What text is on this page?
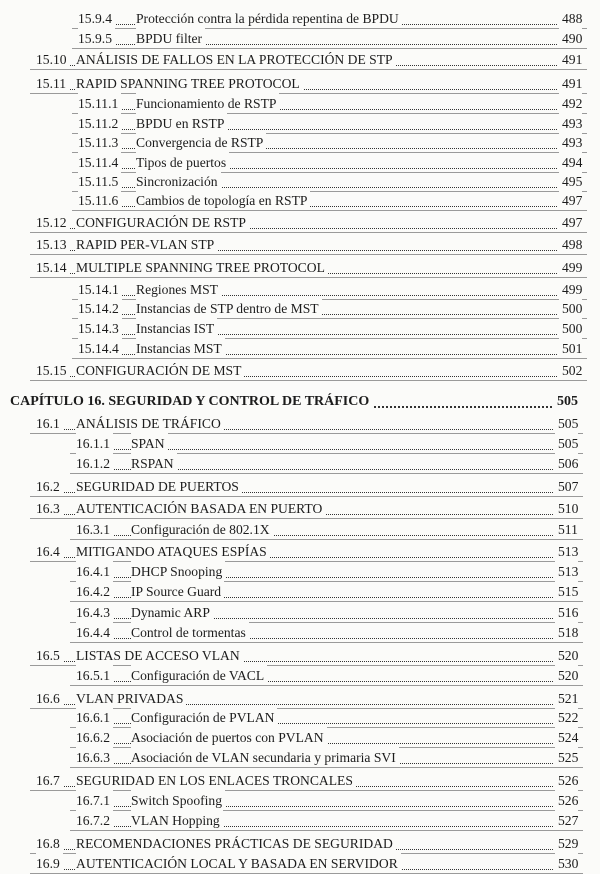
15.9.4 Protección contra la pérdida repentina de BPDU	488
15.9.5 BPDU filter	490
15.10 ANÁLISIS DE FALLOS EN LA PROTECCIÓN DE STP	491
15.11 RAPID SPANNING TREE PROTOCOL	491
15.11.1 Funcionamiento de RSTP	492
15.11.2 BPDU en RSTP	493
15.11.3 Convergencia de RSTP	493
15.11.4 Tipos de puertos	494
15.11.5 Sincronización	495
15.11.6 Cambios de topología en RSTP	497
15.12 CONFIGURACIÓN DE RSTP	497
15.13 RAPID PER-VLAN STP	498
15.14 MULTIPLE SPANNING TREE PROTOCOL	499
15.14.1 Regiones MST	499
15.14.2 Instancias de STP dentro de MST	500
15.14.3 Instancias IST	500
15.14.4 Instancias MST	501
15.15 CONFIGURACIÓN DE MST	502
CAPÍTULO 16. SEGURIDAD Y CONTROL DE TRÁFICO	505
16.1 ANÁLISIS DE TRÁFICO	505
16.1.1 SPAN	505
16.1.2 RSPAN	506
16.2 SEGURIDAD DE PUERTOS	507
16.3 AUTENTICACIÓN BASADA EN PUERTO	510
16.3.1 Configuración de 802.1X	511
16.4 MITIGANDO ATAQUES ESPÍAS	513
16.4.1 DHCP Snooping	513
16.4.2 IP Source Guard	515
16.4.3 Dynamic ARP	516
16.4.4 Control de tormentas	518
16.5 LISTAS DE ACCESO VLAN	520
16.5.1 Configuración de VACL	520
16.6 VLAN PRIVADAS	521
16.6.1 Configuración de PVLAN	522
16.6.2 Asociación de puertos con PVLAN	524
16.6.3 Asociación de VLAN secundaria y primaria SVI	525
16.7 SEGURIDAD EN LOS ENLACES TRONCALES	526
16.7.1 Switch Spoofing	526
16.7.2 VLAN Hopping	527
16.8 RECOMENDACIONES PRÁCTICAS DE SEGURIDAD	529
16.9 AUTENTICACIÓN LOCAL Y BASADA EN SERVIDOR	530
